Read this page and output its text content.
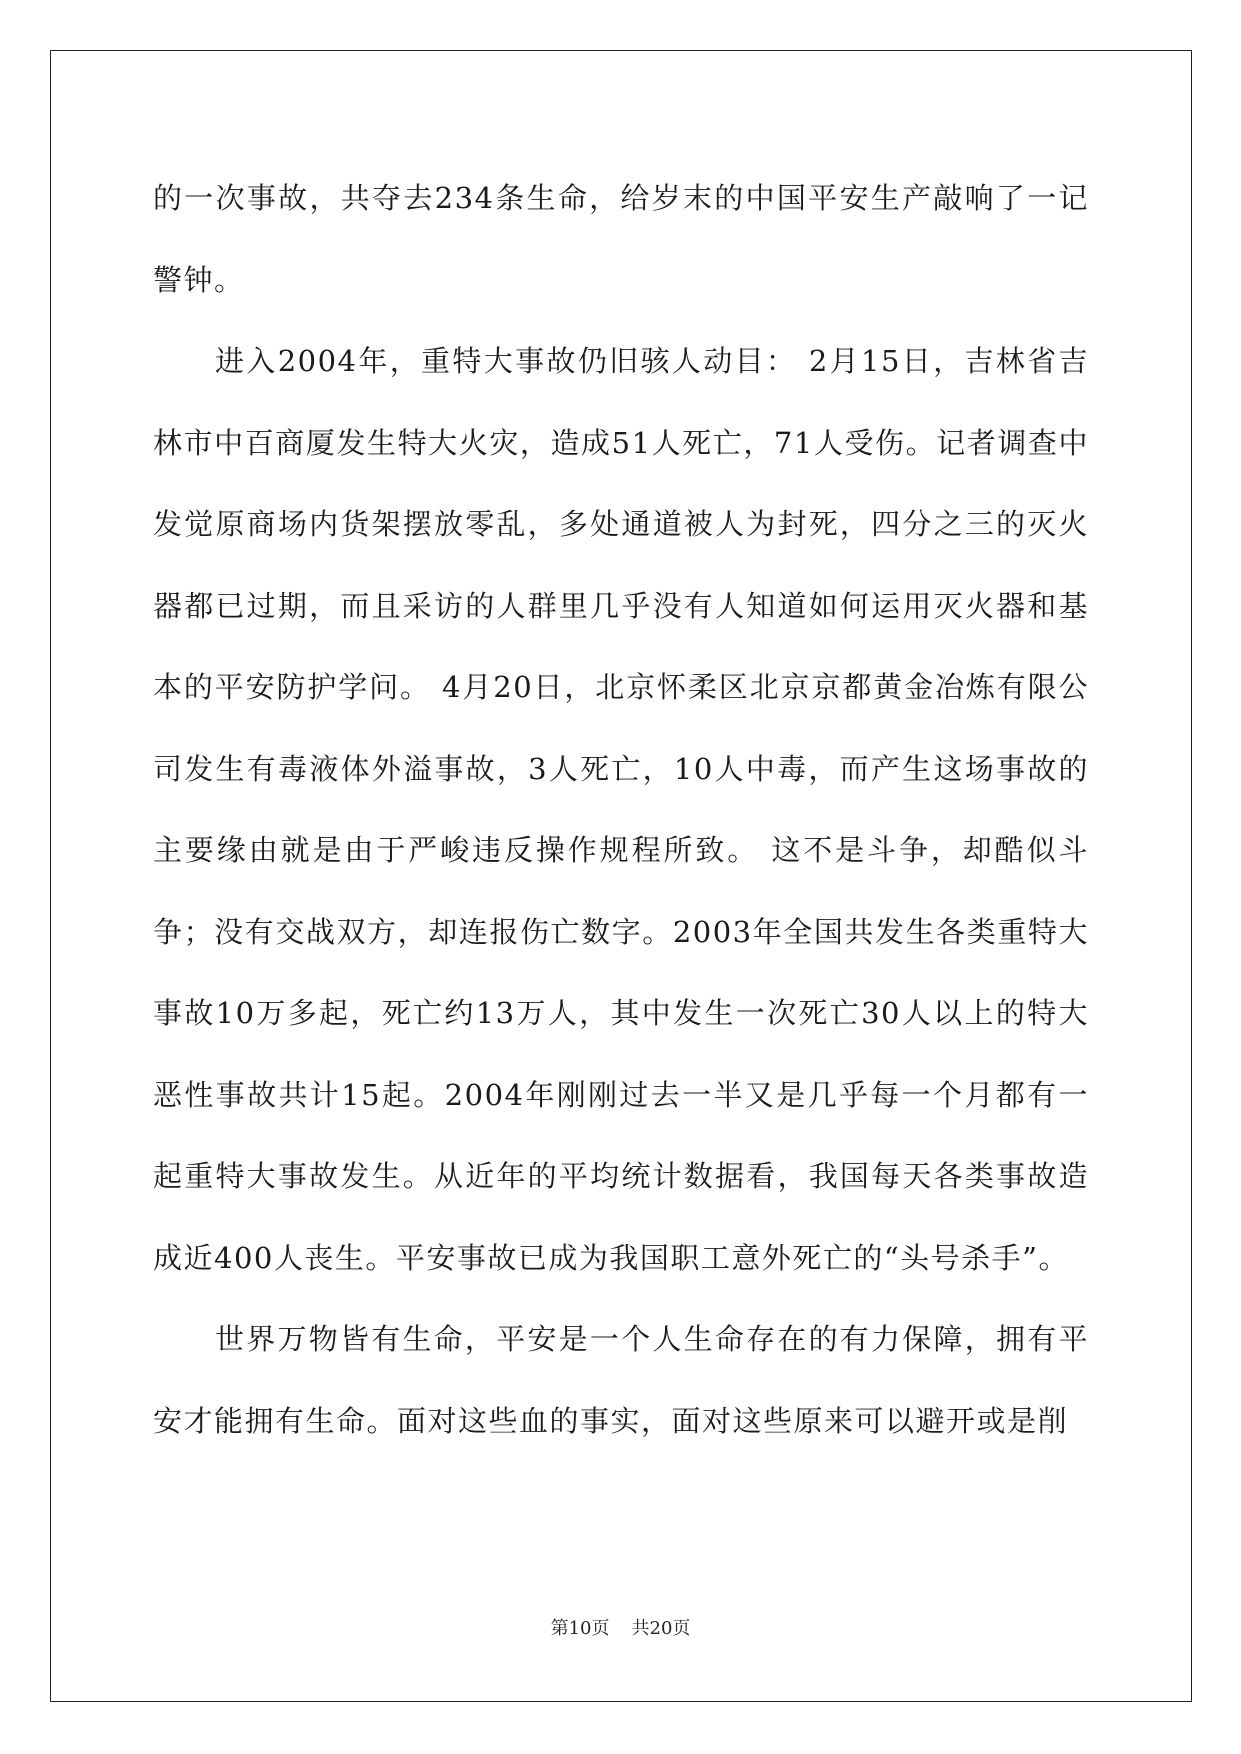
的一次事故，共夺去234条生命，给岁末的中国平安生产敲响了一记警钟。

进入2004年，重特大事故仍旧骇人动目： 2月15日，吉林省吉林市中百商厦发生特大火灾，造成51人死亡，71人受伤。记者调查中发觉原商场内货架摆放零乱，多处通道被人为封死，四分之三的灭火器都已过期，而且采访的人群里几乎没有人知道如何运用灭火器和基本的平安防护学问。 4月20日，北京怀柔区北京京都黄金冶炼有限公司发生有毒液体外溢事故，3人死亡，10人中毒，而产生这场事故的主要缘由就是由于严峻违反操作规程所致。 这不是斗争，却酷似斗争；没有交战双方，却连报伤亡数字。2003年全国共发生各类重特大事故10万多起，死亡约13万人，其中发生一次死亡30人以上的特大恶性事故共计15起。2004年刚刚过去一半又是几乎每一个月都有一起重特大事故发生。从近年的平均统计数据看，我国每天各类事故造成近400人丧生。平安事故已成为我国职工意外死亡的“头号杀手”。

世界万物皆有生命，平安是一个人生命存在的有力保障，拥有平安才能拥有生命。面对这些血的事实，面对这些原来可以避开或是削

第10页 共20页
